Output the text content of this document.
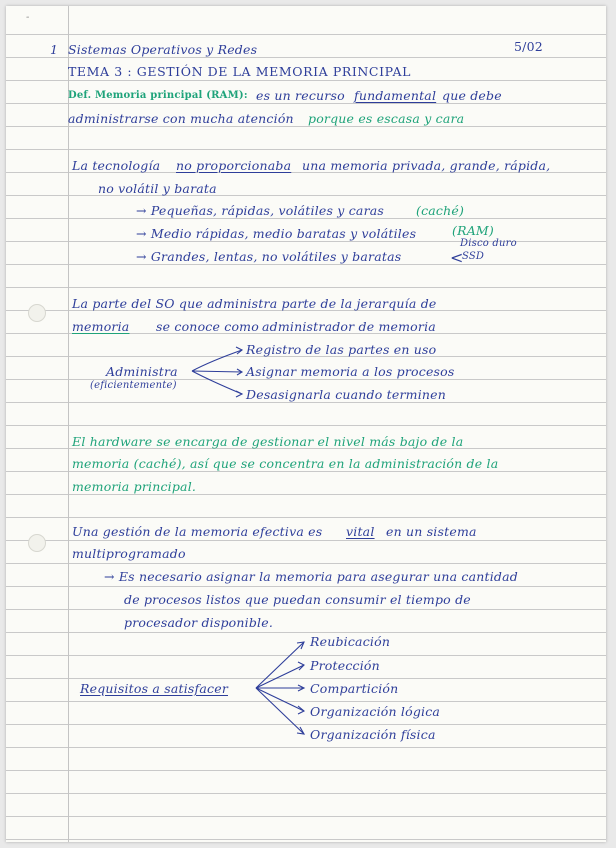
-
1 Sistemas Operativos y Redes	5/02
TEMA 3 : GESTIÓN DE LA MEMORIA PRINCIPAL
Def. Memoria principal (RAM): es un recurso fundamental que debe
administrarse con mucha atención porque es escasa y cara
La tecnología no proporcionaba una memoria privada, grande, rápida,
no volátil y barata
→ Pequeñas, rápidas, volátiles y caras	(caché)
→ Medio rápidas, medio baratas y volátiles	(RAM)
→ Grandes, lentas, no volátiles y baratas	<
Disco duro
SSD
La parte del SO que administra parte de la jerarquía de
memoria se conoce como administrador de memoria
Administra
(eficientemente)
Registro de las partes en uso
Asignar memoria a los procesos
Desasignarla cuando terminen
El hardware se encarga de gestionar el nivel más bajo de la
memoria (caché), así que se concentra en la administración de la
memoria principal.
Una gestión de la memoria efectiva es vital en un sistema
multiprogramado
→ Es necesario asignar la memoria para asegurar una cantidad
de procesos listos que puedan consumir el tiempo de
procesador disponible.
Requisitos a satisfacer
Reubicación
Protección
Compartición
Organización lógica
Organización física
